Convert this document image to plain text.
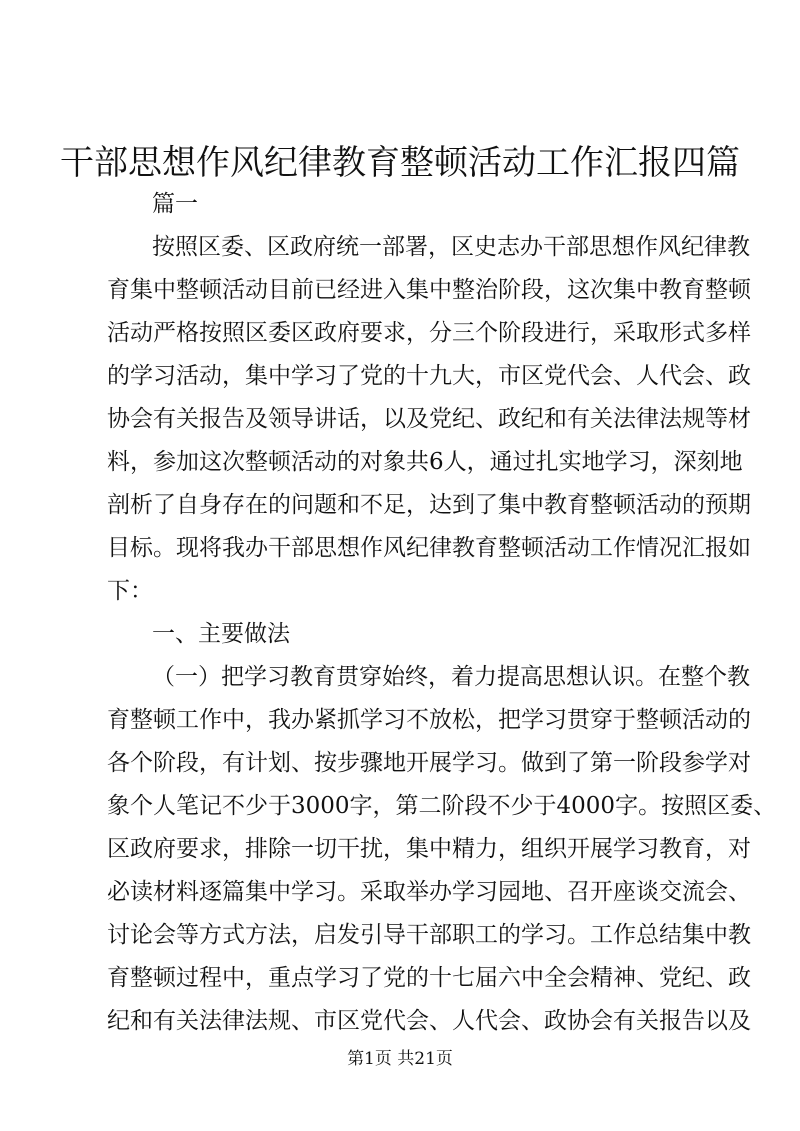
干部思想作风纪律教育整顿活动工作汇报四篇
篇一
按照区委、区政府统一部署，区史志办干部思想作风纪律教
育集中整顿活动目前已经进入集中整治阶段，这次集中教育整顿
活动严格按照区委区政府要求，分三个阶段进行，采取形式多样
的学习活动，集中学习了党的十九大，市区党代会、人代会、政
协会有关报告及领导讲话，以及党纪、政纪和有关法律法规等材
料，参加这次整顿活动的对象共6人，通过扎实地学习，深刻地
剖析了自身存在的问题和不足，达到了集中教育整顿活动的预期
目标。现将我办干部思想作风纪律教育整顿活动工作情况汇报如
下：
一、主要做法
（一）把学习教育贯穿始终，着力提高思想认识。在整个教
育整顿工作中，我办紧抓学习不放松，把学习贯穿于整顿活动的
各个阶段，有计划、按步骤地开展学习。做到了第一阶段参学对
象个人笔记不少于3000字，第二阶段不少于4000字。按照区委、
区政府要求，排除一切干扰，集中精力，组织开展学习教育，对
必读材料逐篇集中学习。采取举办学习园地、召开座谈交流会、
讨论会等方式方法，启发引导干部职工的学习。工作总结集中教
育整顿过程中，重点学习了党的十七届六中全会精神、党纪、政
纪和有关法律法规、市区党代会、人代会、政协会有关报告以及
第1页 共21页
